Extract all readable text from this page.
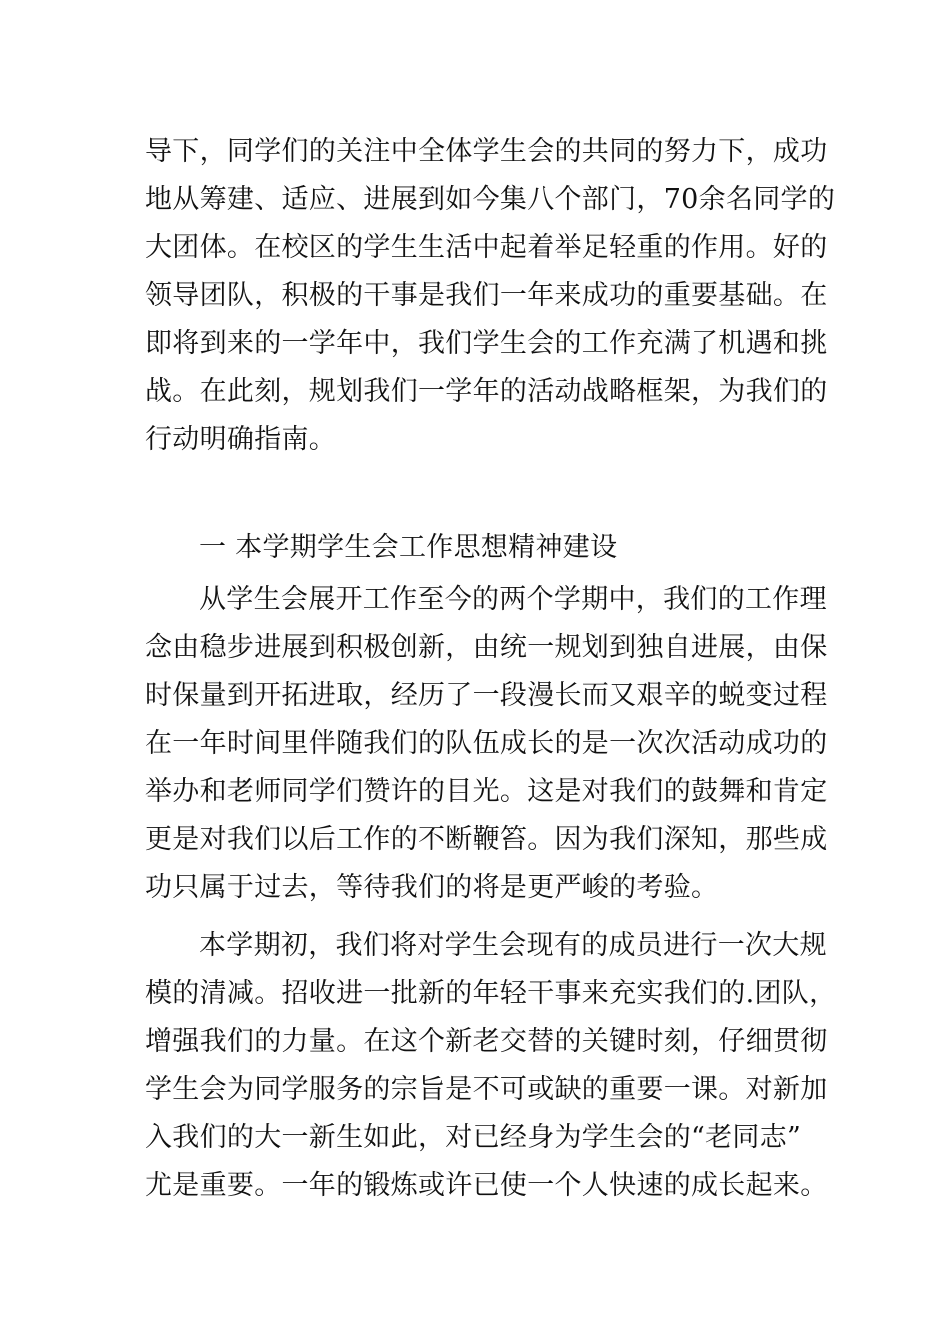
导下，同学们的关注中全体学生会的共同的努力下，成功
地从筹建、适应、进展到如今集八个部门，70余名同学的
大团体。在校区的学生生活中起着举足轻重的作用。好的
领导团队，积极的干事是我们一年来成功的重要基础。在
即将到来的一学年中，我们学生会的工作充满了机遇和挑
战。在此刻，规划我们一学年的活动战略框架，为我们的
行动明确指南。
一 本学期学生会工作思想精神建设
从学生会展开工作至今的两个学期中，我们的工作理
念由稳步进展到积极创新，由统一规划到独自进展，由保
时保量到开拓进取，经历了一段漫长而又艰辛的蜕变过程
在一年时间里伴随我们的队伍成长的是一次次活动成功的
举办和老师同学们赞许的目光。这是对我们的鼓舞和肯定
更是对我们以后工作的不断鞭笞。因为我们深知，那些成
功只属于过去，等待我们的将是更严峻的考验。
本学期初，我们将对学生会现有的成员进行一次大规
模的清减。招收进一批新的年轻干事来充实我们的.团队，
增强我们的力量。在这个新老交替的关键时刻，仔细贯彻
学生会为同学服务的宗旨是不可或缺的重要一课。对新加
入我们的大一新生如此，对已经身为学生会的“老同志”
尤是重要。一年的锻炼或许已使一个人快速的成长起来。
